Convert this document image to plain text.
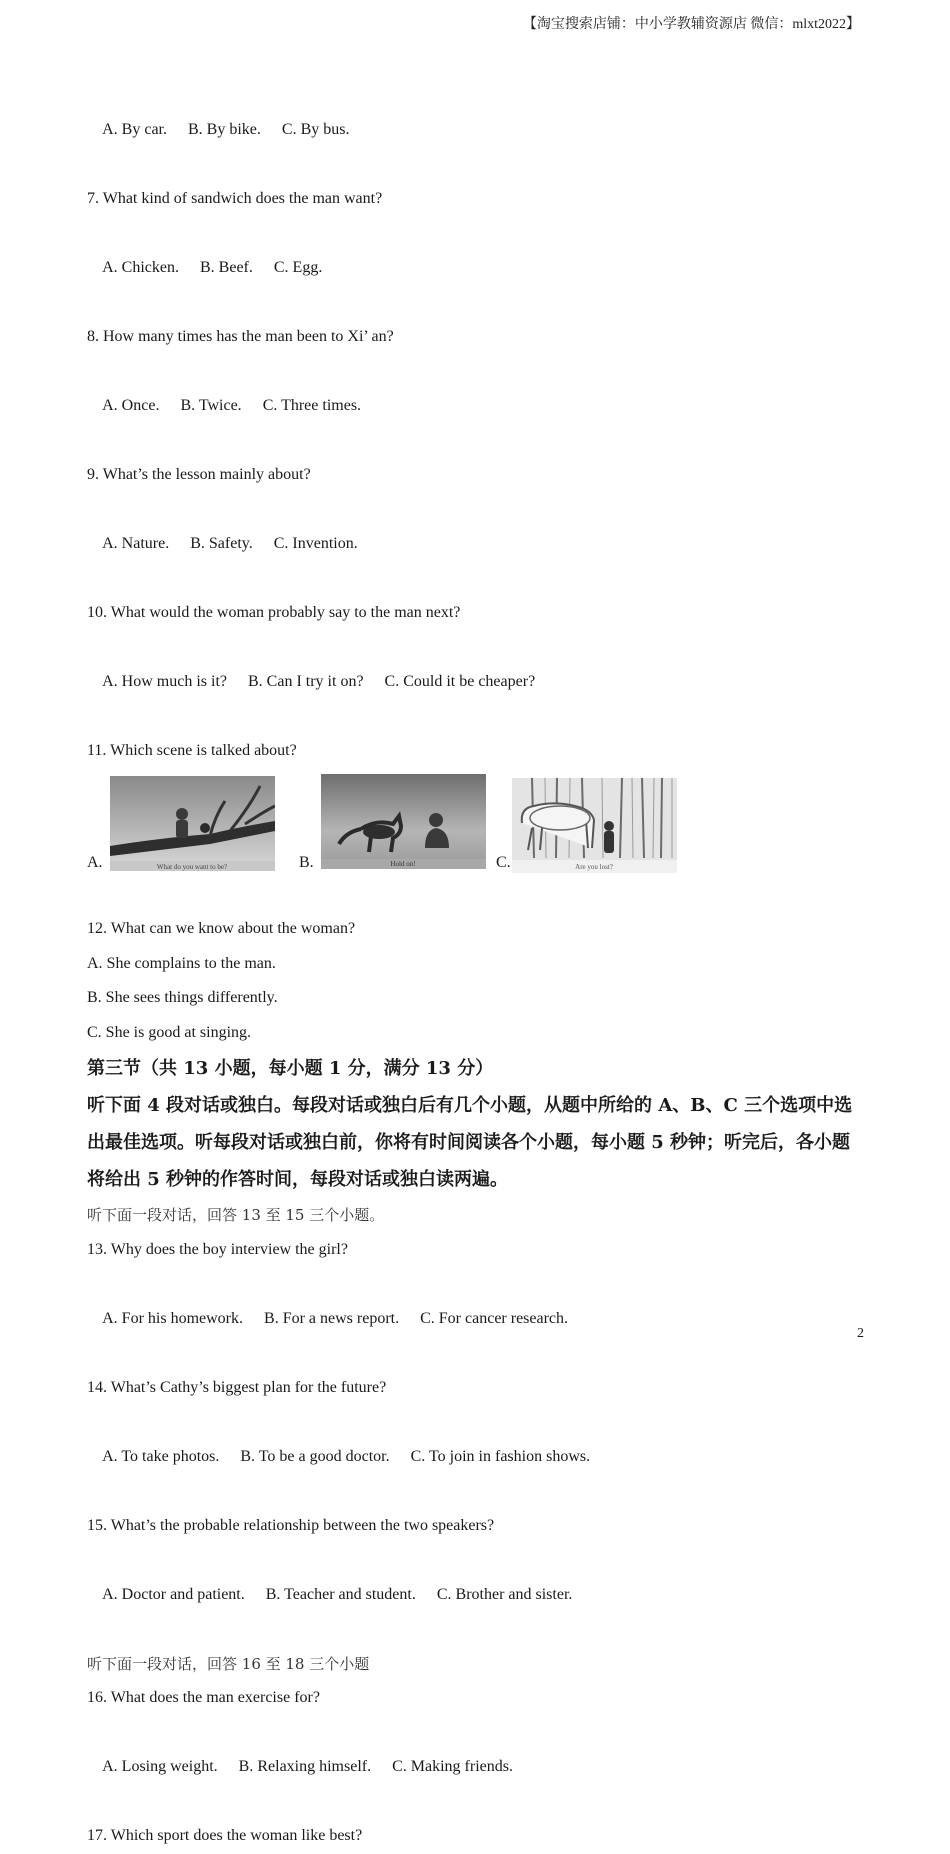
【淘宝搜索店铺：中小学教辅资源店 微信：mlxt2022】

A. By car. B. By bike. C. By bus.

7. What kind of sandwich does the man want?

A. Chicken. B. Beef. C. Egg.

8. How many times has the man been to Xi’ an?

A. Once. B. Twice. C. Three times.

9. What’s the lesson mainly about?

A. Nature. B. Safety. C. Invention.

10. What would the woman probably say to the man next?

A. How much is it? B. Can I try it on? C. Could it be cheaper?

11. Which scene is talked about?
A.	What do you want to be?	B.	Hold on!	C.	Are you lost?
12. What can we know about the woman?
A. She complains to the man.
B. She sees things differently.
C. She is good at singing.
第三节（共 13 小题，每小题 1 分，满分 13 分）
听下面 4 段对话或独白。每段对话或独白后有几个小题，从题中所给的 A、B、C 三个选项中选出最佳选项。听每段对话或独白前，你将有时间阅读各个小题，每小题 5 秒钟；听完后，各小题将给出 5 秒钟的作答时间，每段对话或独白读两遍。
听下面一段对话，回答 13 至 15 三个小题。
13. Why does the boy interview the girl?

A. For his homework. B. For a news report. C. For cancer research.

14. What’s Cathy’s biggest plan for the future?

A. To take photos. B. To be a good doctor. C. To join in fashion shows.

15. What’s the probable relationship between the two speakers?

A. Doctor and patient. B. Teacher and student. C. Brother and sister.

听下面一段对话，回答 16 至 18 三个小题
16. What does the man exercise for?

A. Losing weight. B. Relaxing himself. C. Making friends.

17. Which sport does the woman like best?
2
